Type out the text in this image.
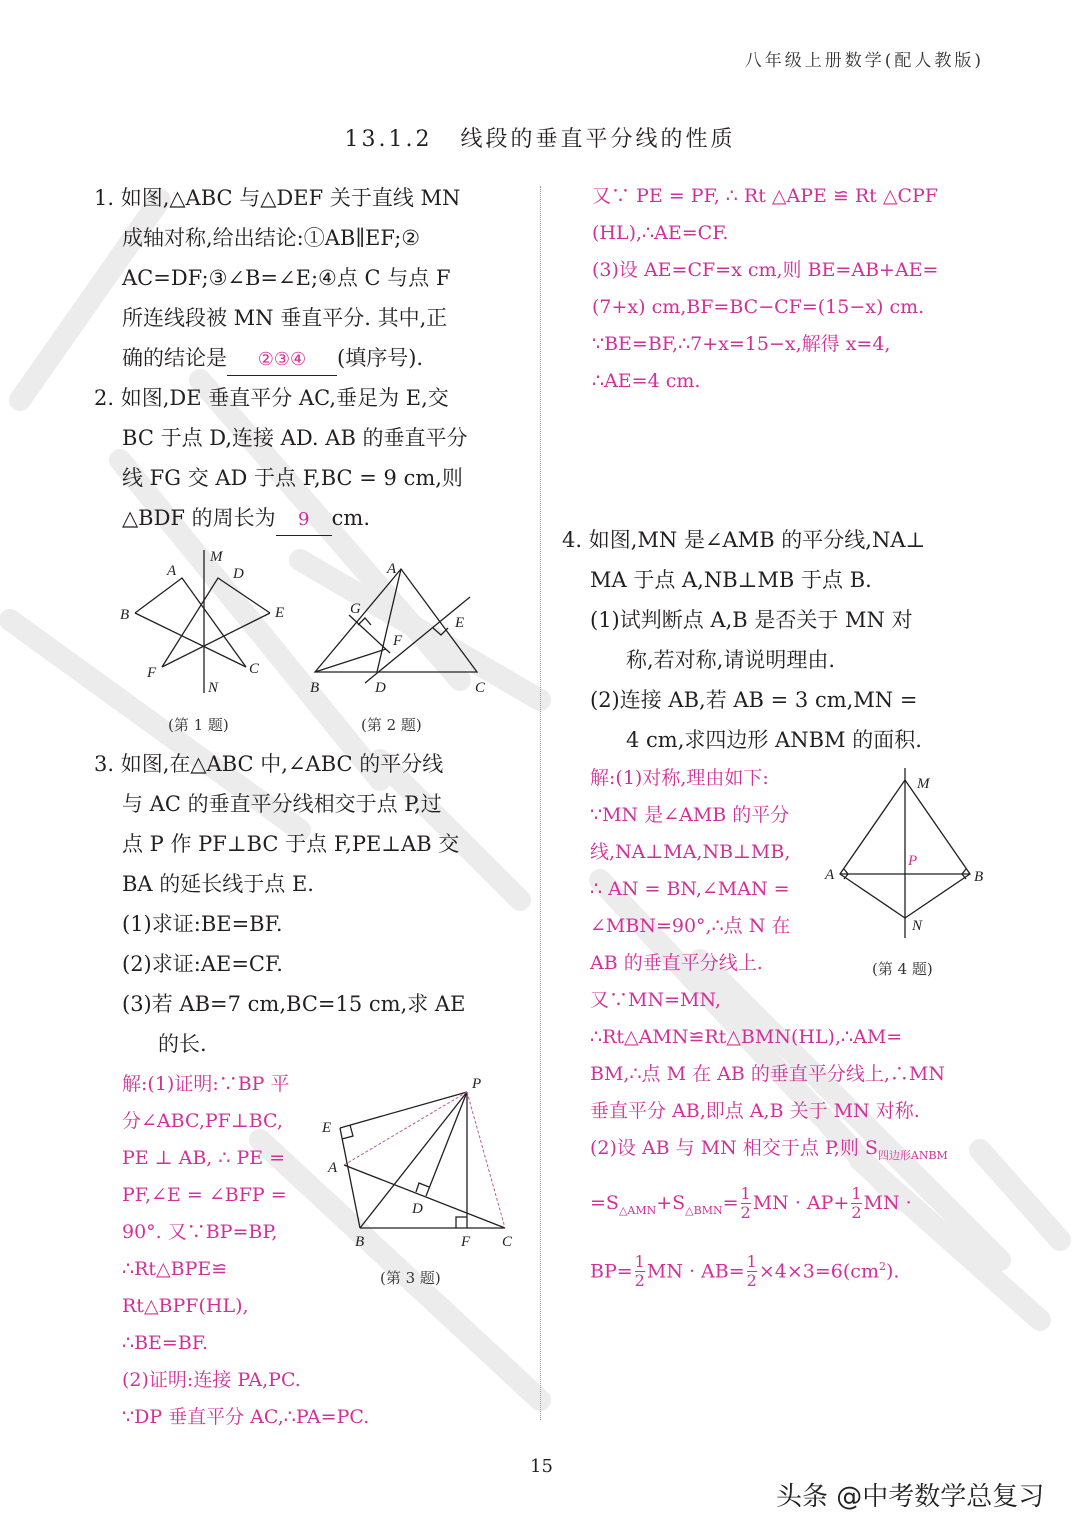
八年级上册数学(配人教版)
13.1.2 线段的垂直平分线的性质

1. 如图,△ABC 与△DEF 关于直线 MN

成轴对称,给出结论:①AB∥EF;②

AC=DF;③∠B=∠E;④点 C 与点 F

所连线段被 MN 垂直平分. 其中,正

确的结论是 ②③④ (填序号).

2. 如图,DE 垂直平分 AC,垂足为 E,交

BC 于点 D,连接 AD. AB 的垂直平分

线 FG 交 AD 于点 F,BC = 9 cm,则

△BDF 的周长为 9 cm.

M
A	D
B	E
F	C
N
(第 1 题)
A
G
E
F
B	D	C
(第 2 题)

3. 如图,在△ABC 中,∠ABC 的平分线

与 AC 的垂直平分线相交于点 P,过

点 P 作 PF⊥BC 于点 F,PE⊥AB 交

BA 的延长线于点 E.

(1)求证:BE=BF.

(2)求证:AE=CF.

(3)若 AB=7 cm,BC=15 cm,求 AE

的长.

解:(1)证明:∵BP 平

分∠ABC,PF⊥BC,

PE ⊥ AB, ∴ PE =

PF,∠E = ∠BFP =

90°. 又∵BP=BP,

∴Rt△BPE≌

Rt△BPF(HL),

∴BE=BF.

(2)证明:连接 PA,PC.

∵DP 垂直平分 AC,∴PA=PC.

P
E
A
D
B	F C
(第 3 题)

又∵ PE = PF, ∴ Rt △APE ≌ Rt △CPF

(HL),∴AE=CF.

(3)设 AE=CF=x cm,则 BE=AB+AE=

(7+x) cm,BF=BC−CF=(15−x) cm.

∵BE=BF,∴7+x=15−x,解得 x=4,

∴AE=4 cm.

4. 如图,MN 是∠AMB 的平分线,NA⊥

MA 于点 A,NB⊥MB 于点 B.

(1)试判断点 A,B 是否关于 MN 对

称,若对称,请说明理由.

(2)连接 AB,若 AB = 3 cm,MN =

4 cm,求四边形 ANBM 的面积.

解:(1)对称,理由如下:

∵MN 是∠AMB 的平分

线,NA⊥MA,NB⊥MB,

∴ AN = BN,∠MAN =

∠MBN=90°,∴点 N 在

AB 的垂直平分线上.

M
A	B
N
P
(第 4 题)

又∵MN=MN,

∴Rt△AMN≌Rt△BMN(HL),∴AM=

BM,∴点 M 在 AB 的垂直平分线上,∴MN

垂直平分 AB,即点 A,B 关于 MN 对称.

(2)设 AB 与 MN 相交于点 P,则 $S_{四边形ANBM}$

$=S_{\triangle AMN}+S_{\triangle BMN}= \frac{1}{2}$ MN · $AP+ \frac{1}{2}$ MN ·

$BP= \frac{1}{2}$ MN · $AB= \frac{1}{2} \times 4\times 3=6(cm^2)$.

15
头条 @中考数学总复习
